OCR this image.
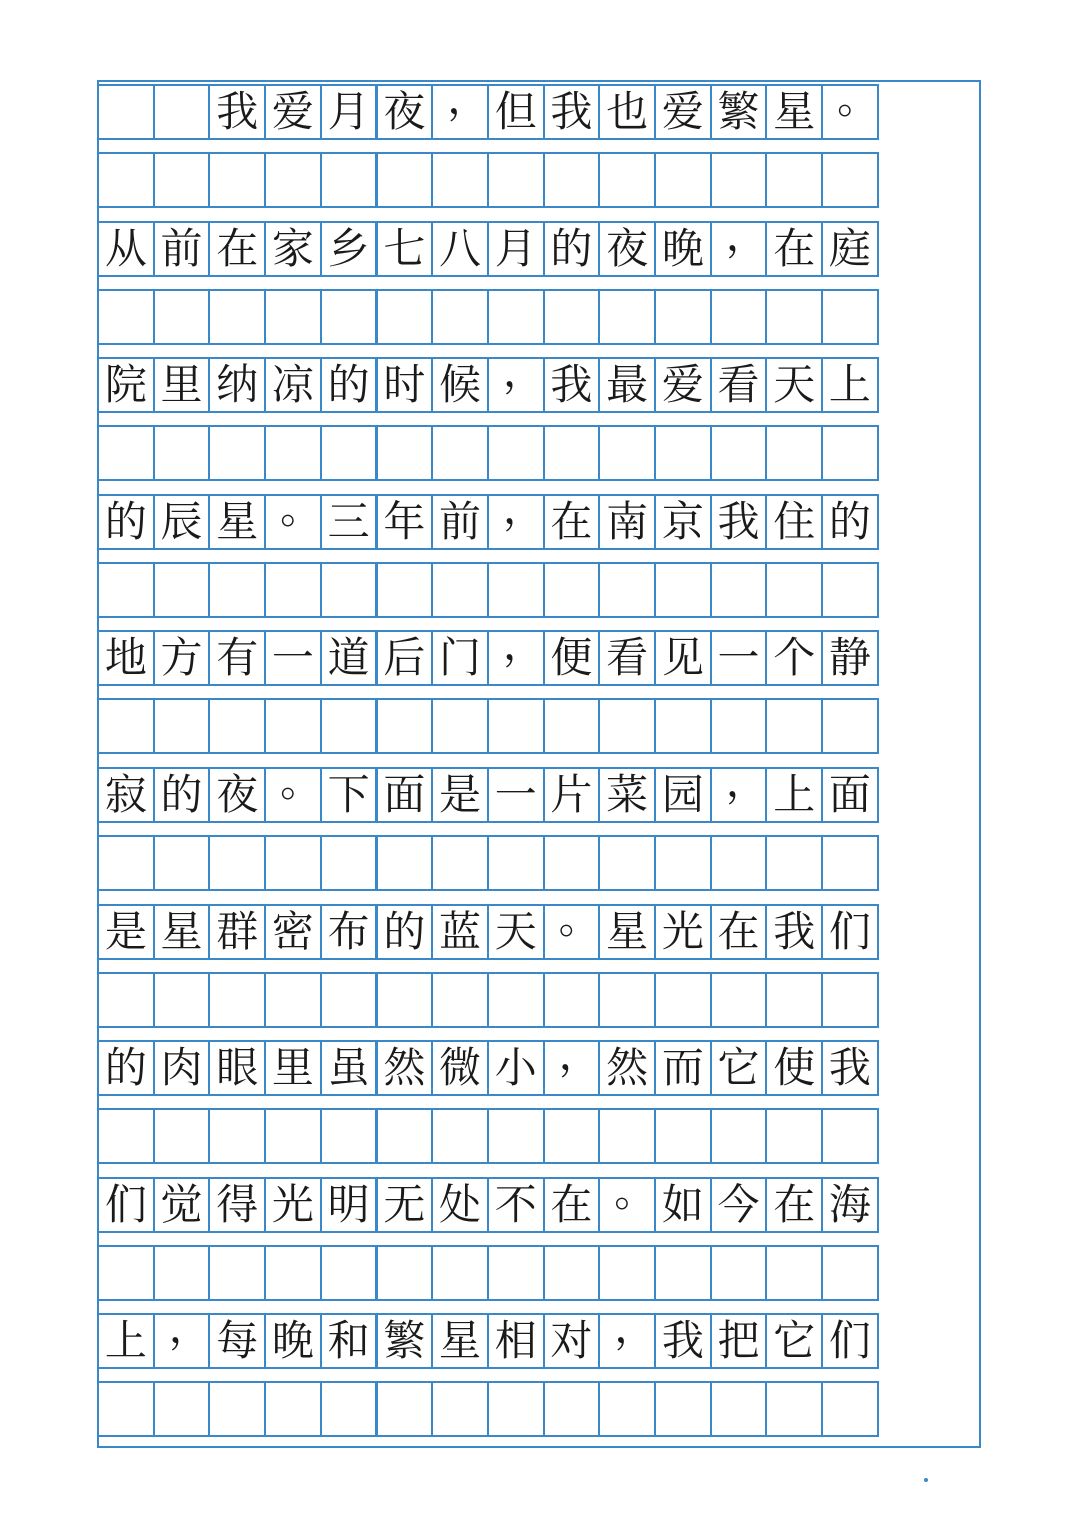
我 爱 月 夜 ， 但 我 也 爱 繁 星 。
从 前 在 家 乡 七 八 月 的 夜 晚 ， 在 庭
院 里 纳 凉 的 时 候 ， 我 最 爱 看 天 上
的 辰 星 。 三 年 前 ， 在 南 京 我 住 的
地 方 有 一 道 后 门 ， 便 看 见 一 个 静
寂 的 夜 。 下 面 是 一 片 菜 园 ， 上 面
是 星 群 密 布 的 蓝 天 。 星 光 在 我 们
的 肉 眼 里 虽 然 微 小 ， 然 而 它 使 我
们 觉 得 光 明 无 处 不 在 。 如 今 在 海
上 ， 每 晚 和 繁 星 相 对 ， 我 把 它 们
